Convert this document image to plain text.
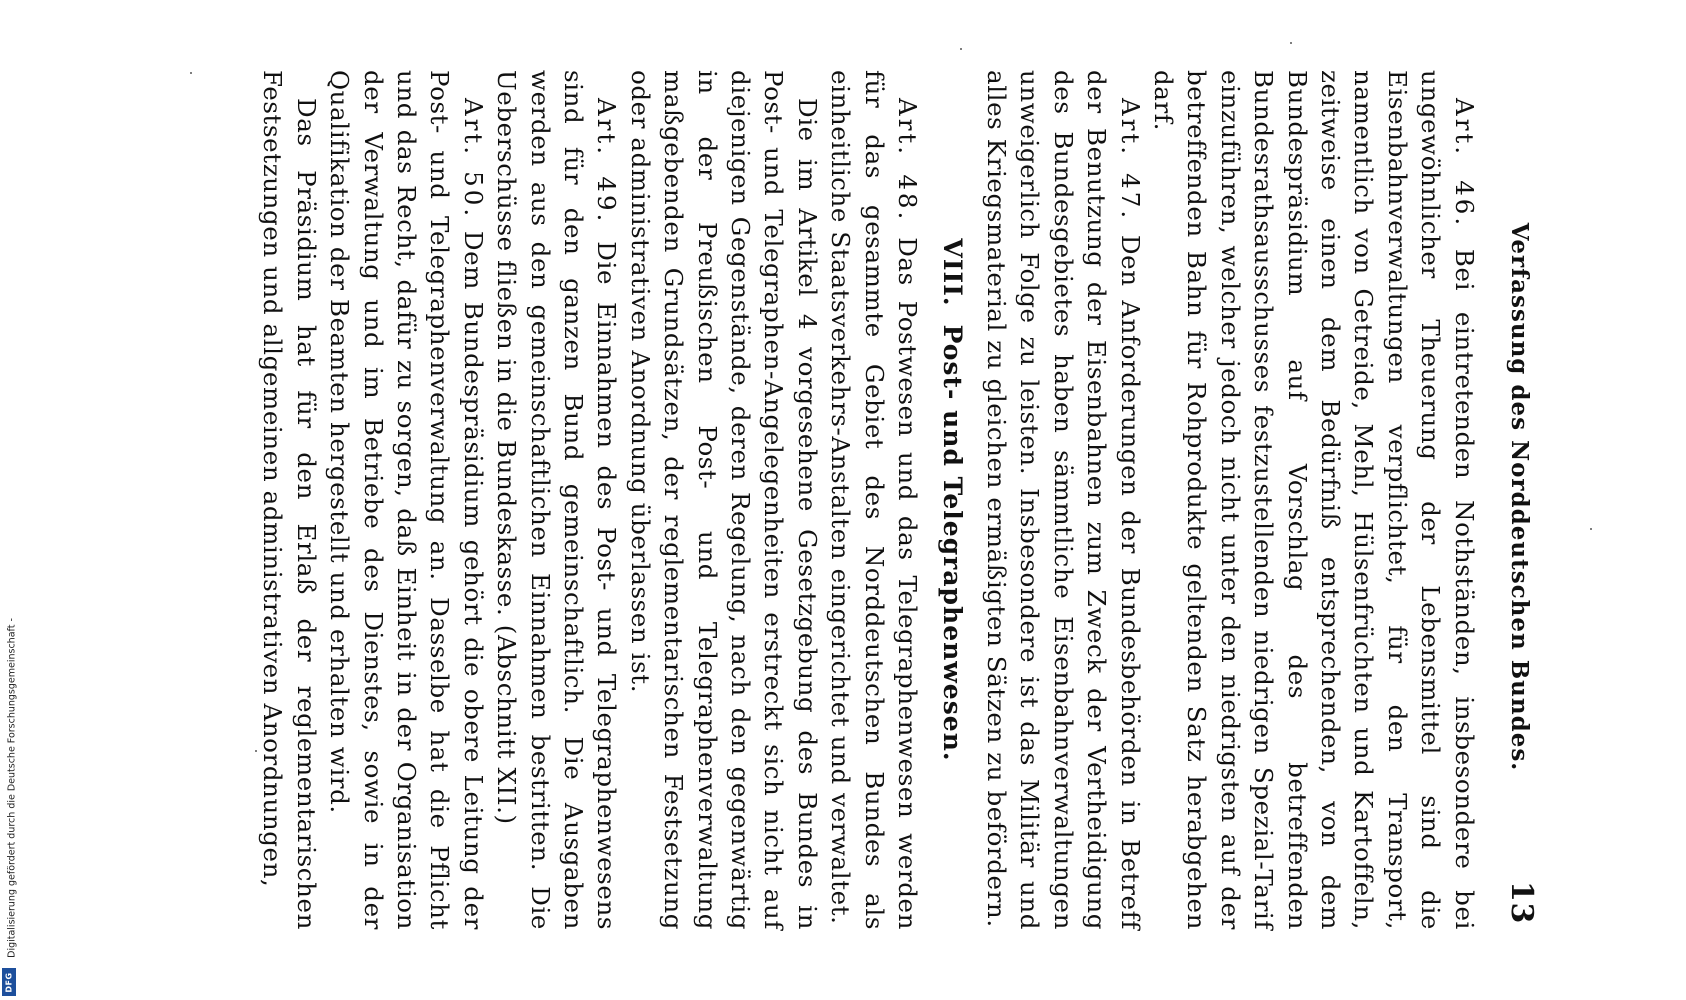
Verfassung des Norddeutschen Bundes.
13

Art. 46. Bei eintretenden Nothständen, insbesondere bei ungewöhnlicher Theuerung der Lebensmittel sind die Eisenbahnverwaltungen verpflichtet, für den Transport, namentlich von Getreide, Mehl, Hülsenfrüchten und Kartoffeln, zeitweise einen dem Bedürfniß entsprechenden, von dem Bundespräsidium auf Vorschlag des betreffenden Bundesrathsausschusses festzustellenden niedrigen Spezial-Tarif einzuführen, welcher jedoch nicht unter den niedrigsten auf der betreffenden Bahn für Rohprodukte geltenden Satz herabgehen darf.

Art. 47. Den Anforderungen der Bundesbehörden in Betreff der Benutzung der Eisenbahnen zum Zweck der Vertheidigung des Bundesgebietes haben sämmtliche Eisenbahnverwaltungen unweigerlich Folge zu leisten. Insbesondere ist das Militär und alles Kriegsmaterial zu gleichen ermäßigten Sätzen zu befördern.

VIII.Post- und Telegraphenwesen.

Art. 48. Das Postwesen und das Telegraphenwesen werden für das gesammte Gebiet des Norddeutschen Bundes als einheitliche Staatsverkehrs-Anstalten eingerichtet und verwaltet.

Die im Artikel 4 vorgesehene Gesetzgebung des Bundes in Post- und Telegraphen-Angelegenheiten erstreckt sich nicht auf diejenigen Gegenstände, deren Regelung, nach den gegenwärtig in der Preußischen Post- und Telegraphenverwaltung maßgebenden Grundsätzen, der reglementarischen Festsetzung oder administrativen Anordnung überlassen ist.

Art. 49. Die Einnahmen des Post- und Telegraphenwesens sind für den ganzen Bund gemeinschaftlich. Die Ausgaben werden aus den gemeinschaftlichen Einnahmen bestritten. Die Ueberschüsse fließen in die Bundeskasse. (Abschnitt XII.)

Art. 50. Dem Bundespräsidium gehört die obere Leitung der Post- und Telegraphenverwaltung an. Dasselbe hat die Pflicht und das Recht, dafür zu sorgen, daß Einheit in der Organisation der Verwaltung und im Betriebe des Dienstes, sowie in der Qualifikation der Beamten hergestellt und erhalten wird.

Das Präsidium hat für den Erlaß der reglementarischen Festsetzungen und allgemeinen administrativen Anordnungen,

Digitalisierung gefördert durch die Deutsche Forschungsgemeinschaft -
DFG
